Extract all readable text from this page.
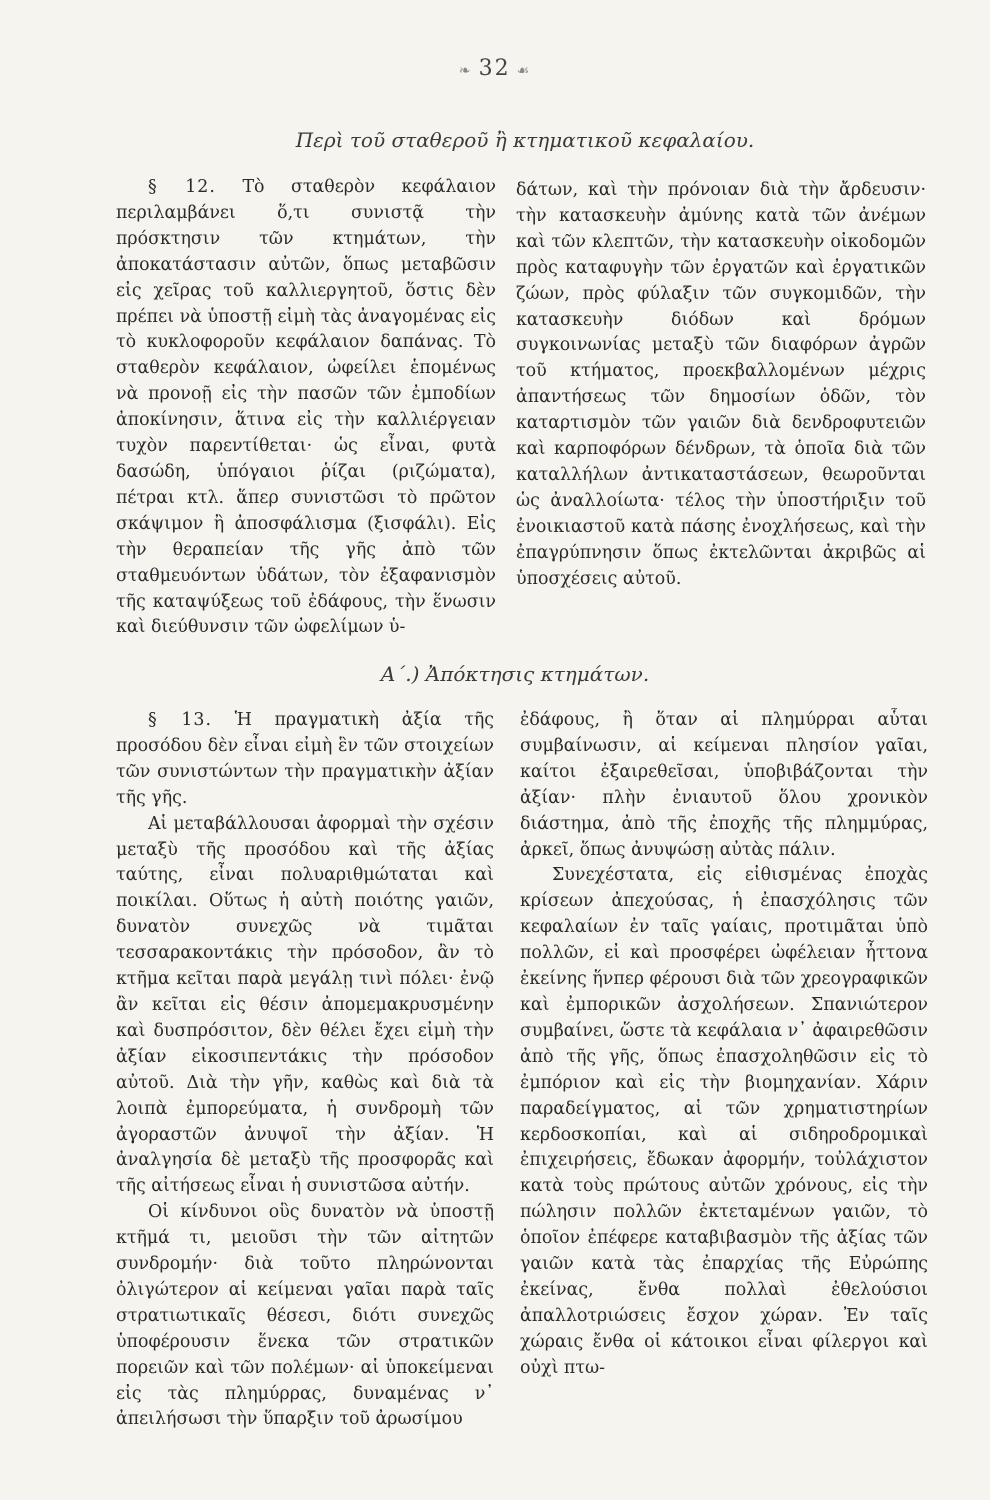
❧ 32 ☙
Περὶ τοῦ σταθεροῦ ἢ κτηματικοῦ κεφαλαίου.

§ 12. Τὸ σταθερὸν κεφάλαιον περιλαμβάνει ὅ,τι συνιστᾷ τὴν πρόσκτησιν τῶν κτημάτων, τὴν ἀποκατάστασιν αὐτῶν, ὅπως μεταβῶσιν εἰς χεῖρας τοῦ καλλιεργητοῦ, ὅστις δὲν πρέπει νὰ ὑποστῇ εἰμὴ τὰς ἀναγομένας εἰς τὸ κυκλοφοροῦν κεφάλαιον δαπάνας. Τὸ σταθερὸν κεφάλαιον, ὠφείλει ἑπομένως νὰ προνοῇ εἰς τὴν πασῶν τῶν ἐμποδίων ἀποκίνησιν, ἅτινα εἰς τὴν καλλιέργειαν τυχὸν παρεντίθεται· ὡς εἶναι, φυτὰ δασώδη, ὑπόγαιοι ῥίζαι (ριζώματα), πέτραι κτλ. ἅπερ συνιστῶσι τὸ πρῶτον σκάψιμον ἢ ἀποσφάλισμα (ξισφάλι). Εἰς τὴν θεραπείαν τῆς γῆς ἀπὸ τῶν σταθμευόντων ὑδάτων, τὸν ἐξαφανισμὸν τῆς καταψύξεως τοῦ ἐδάφους, τὴν ἕνωσιν καὶ διεύθυνσιν τῶν ὠφελίμων ὑ-

δάτων, καὶ τὴν πρόνοιαν διὰ τὴν ἄρδευσιν· τὴν κατασκευὴν ἀμύνης κατὰ τῶν ἀνέμων καὶ τῶν κλεπτῶν, τὴν κατασκευὴν οἰκοδομῶν πρὸς καταφυγὴν τῶν ἐργατῶν καὶ ἐργατικῶν ζώων, πρὸς φύλαξιν τῶν συγκομιδῶν, τὴν κατασκευὴν διόδων καὶ δρόμων συγκοινωνίας μεταξὺ τῶν διαφόρων ἀγρῶν τοῦ κτήματος, προεκβαλλομένων μέχρις ἀπαντήσεως τῶν δημοσίων ὁδῶν, τὸν καταρτισμὸν τῶν γαιῶν διὰ δενδροφυτειῶν καὶ καρποφόρων δένδρων, τὰ ὁποῖα διὰ τῶν καταλλήλων ἀντικαταστάσεων, θεωροῦνται ὡς ἀναλλοίωτα· τέλος τὴν ὑποστήριξιν τοῦ ἐνοικιαστοῦ κατὰ πάσης ἐνοχλήσεως, καὶ τὴν ἐπαγρύπνησιν ὅπως ἐκτελῶνται ἀκριβῶς αἱ ὑποσχέσεις αὐτοῦ.

Α΄.) Ἀπόκτησις κτημάτων.

§ 13. Ἡ πραγματικὴ ἀξία τῆς προσόδου δὲν εἶναι εἰμὴ ἓν τῶν στοιχείων τῶν συνιστώντων τὴν πραγματικὴν ἀξίαν τῆς γῆς.

Αἱ μεταβάλλουσαι ἀφορμαὶ τὴν σχέσιν μεταξὺ τῆς προσόδου καὶ τῆς ἀξίας ταύτης, εἶναι πολυαριθμώταται καὶ ποικίλαι. Οὕτως ἡ αὐτὴ ποιότης γαιῶν, δυνατὸν συνεχῶς νὰ τιμᾶται τεσσαρακοντάκις τὴν πρόσοδον, ἂν τὸ κτῆμα κεῖται παρὰ μεγάλῃ τινὶ πόλει· ἐνῷ ἂν κεῖται εἰς θέσιν ἀπομεμακρυσμένην καὶ δυσπρόσιτον, δὲν θέλει ἔχει εἰμὴ τὴν ἀξίαν εἰκοσιπεντάκις τὴν πρόσοδον αὐτοῦ. Διὰ τὴν γῆν, καθὼς καὶ διὰ τὰ λοιπὰ ἐμπορεύματα, ἡ συνδρομὴ τῶν ἀγοραστῶν ἀνυψοῖ τὴν ἀξίαν. Ἡ ἀναλγησία δὲ μεταξὺ τῆς προσφορᾶς καὶ τῆς αἰτήσεως εἶναι ἡ συνιστῶσα αὐτήν.

Οἱ κίνδυνοι οὓς δυνατὸν νὰ ὑποστῇ κτῆμά τι, μειοῦσι τὴν τῶν αἰτητῶν συνδρομήν· διὰ τοῦτο πληρώνονται ὀλιγώτερον αἱ κείμεναι γαῖαι παρὰ ταῖς στρατιωτικαῖς θέσεσι, διότι συνεχῶς ὑποφέρουσιν ἕνεκα τῶν στρατικῶν πορειῶν καὶ τῶν πολέμων· αἱ ὑποκείμεναι εἰς τὰς πλημύρρας, δυναμένας ν᾿ ἀπειλήσωσι τὴν ὕπαρξιν τοῦ ἀρωσίμου

ἐδάφους, ἢ ὅταν αἱ πλημύρραι αὗται συμβαίνωσιν, αἱ κείμεναι πλησίον γαῖαι, καίτοι ἐξαιρεθεῖσαι, ὑποβιβάζονται τὴν ἀξίαν· πλὴν ἐνιαυτοῦ ὅλου χρονικὸν διάστημα, ἀπὸ τῆς ἐποχῆς τῆς πλημμύρας, ἀρκεῖ, ὅπως ἀνυψώσῃ αὐτὰς πάλιν.

Συνεχέστατα, εἰς εἰθισμένας ἐποχὰς κρίσεων ἀπεχούσας, ἡ ἐπασχόλησις τῶν κεφαλαίων ἐν ταῖς γαίαις, προτιμᾶται ὑπὸ πολλῶν, εἰ καὶ προσφέρει ὠφέλειαν ἧττονα ἐκείνης ἥνπερ φέρουσι διὰ τῶν χρεογραφικῶν καὶ ἐμπορικῶν ἀσχολήσεων. Σπανιώτερον συμβαίνει, ὥστε τὰ κεφάλαια ν᾿ ἀφαιρεθῶσιν ἀπὸ τῆς γῆς, ὅπως ἐπασχοληθῶσιν εἰς τὸ ἐμπόριον καὶ εἰς τὴν βιομηχανίαν. Χάριν παραδείγματος, αἱ τῶν χρηματιστηρίων κερδοσκοπίαι, καὶ αἱ σιδηροδρομικαὶ ἐπιχειρήσεις, ἔδωκαν ἀφορμήν, τοὐλάχιστον κατὰ τοὺς πρώτους αὐτῶν χρόνους, εἰς τὴν πώλησιν πολλῶν ἐκτεταμένων γαιῶν, τὸ ὁποῖον ἐπέφερε καταβιβασμὸν τῆς ἀξίας τῶν γαιῶν κατὰ τὰς ἐπαρχίας τῆς Εὐρώπης ἐκείνας, ἔνθα πολλαὶ ἐθελούσιοι ἀπαλλοτριώσεις ἔσχον χώραν. Ἐν ταῖς χώραις ἔνθα οἱ κάτοικοι εἶναι φίλεργοι καὶ οὐχὶ πτω-
